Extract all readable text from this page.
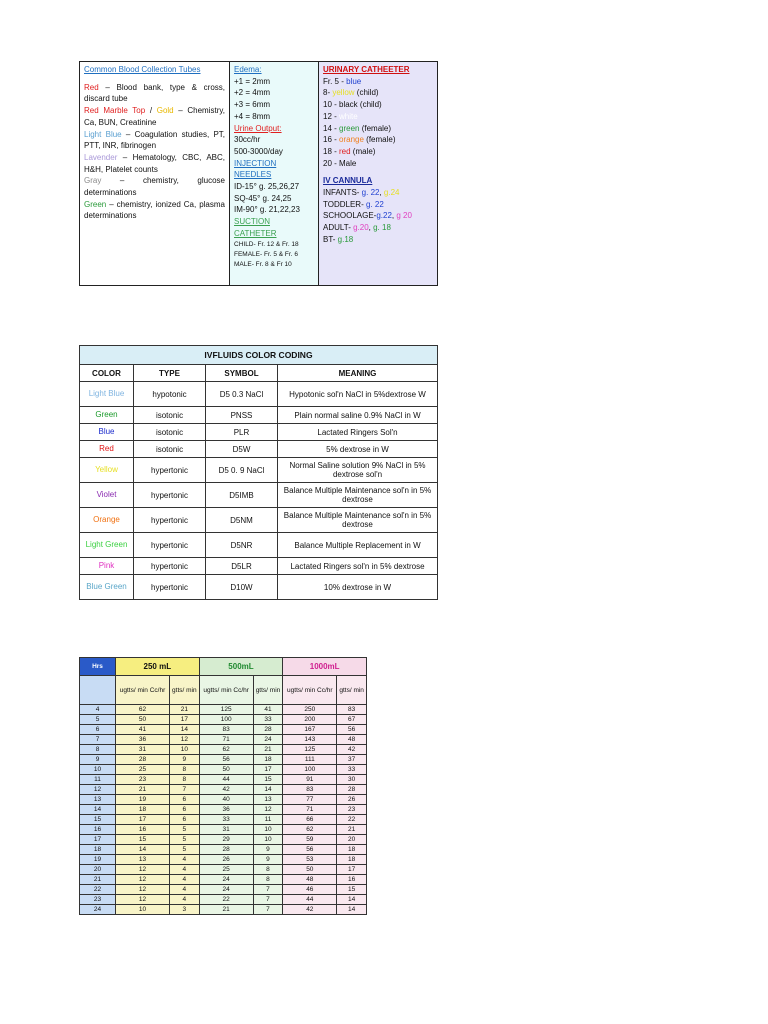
Common Blood Collection Tubes
Red – Blood bank, type & cross, discard tube
Red Marble Top / Gold – Chemistry, Ca, BUN, Creatinine
Light Blue – Coagulation studies, PT, PTT, INR, fibrinogen
Lavender – Hematology, CBC, ABC, H&H, Platelet counts
Gray – chemistry, glucose determinations
Green – chemistry, ionized Ca, plasma determinations
Edema:
+1 = 2mm
+2 = 4mm
+3 = 6mm
+4 = 8mm
Urine Output:
30cc/hr
500-3000/day
INJECTION NEEDLES
ID-15° g. 25,26,27
SQ-45° g. 24,25
IM-90° g. 21,22,23
SUCTION CATHETER
CHILD- Fr. 12 & Fr. 18
FEMALE- Fr. 5 & Fr. 6
MALE- Fr. 8 & Fr 10
URINARY CATHEETER
Fr. 5 - blue
8- yellow (child)
10 - black (child)
12 - white
14 - green (female)
16 - orange (female)
18 - red (male)
20 - Male
IV CANNULA
INFANTS- g. 22, g.24
TODDLER- g. 22
SCHOOLAGE-g.22, g 20
ADULT- g.20, g. 18
BT- g.18
IVFLUIDS COLOR CODING			
COLOR	TYPE	SYMBOL	MEANING
Light Blue	hypotonic	D5 0.3 NaCl	Hypotonic sol'n NaCl in 5%dextrose W
Green	isotonic	PNSS	Plain normal saline 0.9% NaCl in W
Blue	isotonic	PLR	Lactated Ringers Sol'n
Red	isotonic	D5W	5% dextrose in W
Yellow	hypertonic	D5 0. 9 NaCl	Normal Saline solution 9% NaCl in 5% dextrose sol'n
Violet	hypertonic	D5IMB	Balance Multiple Maintenance sol'n in 5% dextrose
Orange	hypertonic	D5NM	Balance Multiple Maintenance sol'n in 5% dextrose
Light Green	hypertonic	D5NR	Balance Multiple Replacement in W
Pink	hypertonic	D5LR	Lactated Ringers sol'n in 5% dextrose
Blue Green	hypertonic	D10W	10% dextrose in W
Hrs	250 mL		500mL		1000mL	
	ugtts/ min Cc/hr	gtts/ min	ugtts/ min Cc/hr	gtts/ min	ugtts/ min Cc/hr	gtts/ min
4	62	21	125	41	250	83
5	50	17	100	33	200	67
6	41	14	83	28	167	56
7	36	12	71	24	143	48
8	31	10	62	21	125	42
9	28	9	56	18	111	37
10	25	8	50	17	100	33
11	23	8	44	15	91	30
12	21	7	42	14	83	28
13	19	6	40	13	77	26
14	18	6	36	12	71	23
15	17	6	33	11	66	22
16	16	5	31	10	62	21
17	15	5	29	10	59	20
18	14	5	28	9	56	18
19	13	4	26	9	53	18
20	12	4	25	8	50	17
21	12	4	24	8	48	16
22	12	4	24	7	46	15
23	12	4	22	7	44	14
24	10	3	21	7	42	14
